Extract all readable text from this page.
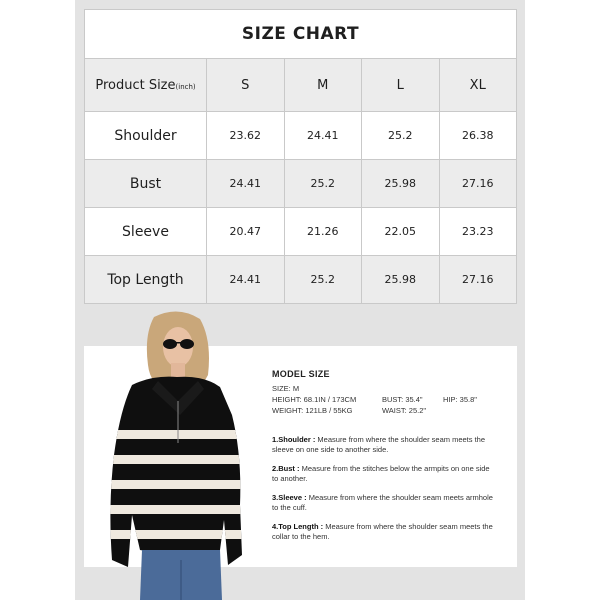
SIZE CHART				
Product Size(inch)	S	M	L	XL
Shoulder	23.62	24.41	25.2	26.38
Bust	24.41	25.2	25.98	27.16
Sleeve	20.47	21.26	22.05	23.23
Top Length	24.41	25.2	25.98	27.16
MODEL SIZE
SIZE: M
HEIGHT: 68.1IN / 173CM	BUST: 35.4"	HIP: 35.8"
WEIGHT: 121LB / 55KG	WAIST: 25.2"
1.Shoulder : Measure from where the shoulder seam meets the sleeve on one side to another side.
2.Bust : Measure from the stitches below the armpits on one side to another.
3.Sleeve : Measure from where the shoulder seam meets armhole to the cuff.
4.Top Length : Measure from where the shoulder seam meets the collar to the hem.
